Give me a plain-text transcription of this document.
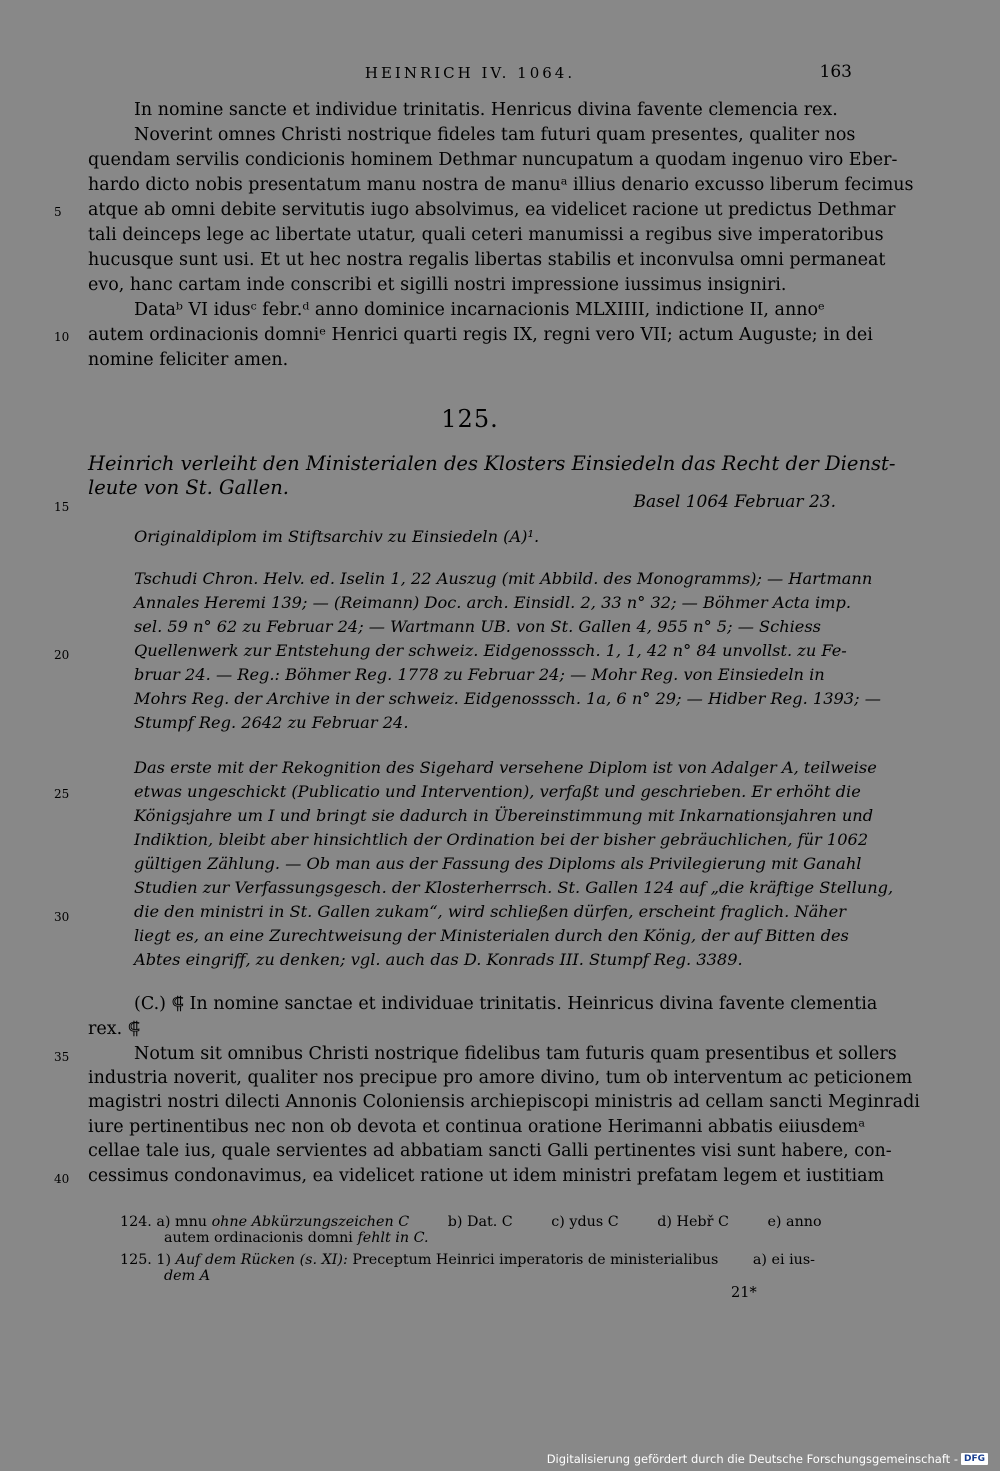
HEINRICH IV. 1064.	163
In nomine sancte et individue trinitatis. Henricus divina favente clemencia rex.
Noverint omnes Christi nostrique fideles tam futuri quam presentes, qualiter nos
quendam servilis condicionis hominem Dethmar nuncupatum a quodam ingenuo viro Eber-
hardo dicto nobis presentatum manu nostra de manuᵃ illius denario excusso liberum fecimus
atque ab omni debite servitutis iugo absolvimus, ea videlicet racione ut predictus Dethmar
tali deinceps lege ac libertate utatur, quali ceteri manumissi a regibus sive imperatoribus
hucusque sunt usi. Et ut hec nostra regalis libertas stabilis et inconvulsa omni permaneat
evo, hanc cartam inde conscribi et sigilli nostri impressione iussimus insigniri.
Dataᵇ VI idusᶜ febr.ᵈ anno dominice incarnacionis MLXIIII, indictione II, annoᵉ
autem ordinacionis domniᵉ Henrici quarti regis IX, regni vero VII; actum Auguste; in dei
nomine feliciter amen.
5
10
15
20
25
30
35
40
125.
Heinrich verleiht den Ministerialen des Klosters Einsiedeln das Recht der Dienst-
leute von St. Gallen.
Basel 1064 Februar 23.
Originaldiplom im Stiftsarchiv zu Einsiedeln (A)¹.
Tschudi Chron. Helv. ed. Iselin 1, 22 Auszug (mit Abbild. des Monogramms); — Hartmann
Annales Heremi 139; — (Reimann) Doc. arch. Einsidl. 2, 33 n° 32; — Böhmer Acta imp.
sel. 59 n° 62 zu Februar 24; — Wartmann UB. von St. Gallen 4, 955 n° 5; — Schiess
Quellenwerk zur Entstehung der schweiz. Eidgenosssch. 1, 1, 42 n° 84 unvollst. zu Fe-
bruar 24. — Reg.: Böhmer Reg. 1778 zu Februar 24; — Mohr Reg. von Einsiedeln in
Mohrs Reg. der Archive in der schweiz. Eidgenosssch. 1a, 6 n° 29; — Hidber Reg. 1393; —
Stumpf Reg. 2642 zu Februar 24.
Das erste mit der Rekognition des Sigehard versehene Diplom ist von Adalger A, teilweise
etwas ungeschickt (Publicatio und Intervention), verfaßt und geschrieben. Er erhöht die
Königsjahre um I und bringt sie dadurch in Übereinstimmung mit Inkarnationsjahren und
Indiktion, bleibt aber hinsichtlich der Ordination bei der bisher gebräuchlichen, für 1062
gültigen Zählung. — Ob man aus der Fassung des Diploms als Privilegierung mit Ganahl
Studien zur Verfassungsgesch. der Klosterherrsch. St. Gallen 124 auf „die kräftige Stellung,
die den ministri in St. Gallen zukam“, wird schließen dürfen, erscheint fraglich. Näher
liegt es, an eine Zurechtweisung der Ministerialen durch den König, der auf Bitten des
Abtes eingriff, zu denken; vgl. auch das D. Konrads III. Stumpf Reg. 3389.
(C.) ⸿ In nomine sanctae et individuae trinitatis. Heinricus divina favente clementia
rex. ⸿
Notum sit omnibus Christi nostrique fidelibus tam futuris quam presentibus et sollers
industria noverit, qualiter nos precipue pro amore divino, tum ob interventum ac peticionem
magistri nostri dilecti Annonis Coloniensis archiepiscopi ministris ad cellam sancti Meginradi
iure pertinentibus nec non ob devota et continua oratione Herimanni abbatis eiiusdemᵃ
cellae tale ius, quale servientes ad abbatiam sancti Galli pertinentes visi sunt habere, con-
cessimus condonavimus, ea videlicet ratione ut idem ministri prefatam legem et iustitiam
124. a) mnu ohne Abkürzungszeichen C	b) Dat. C	c) ydus C	d) Hebř C	e) anno
autem ordinacionis domni fehlt in C.
125. 1) Auf dem Rücken (s. XI): Preceptum Heinrici imperatoris de ministerialibus a) ei ius-
dem A
21*
Digitalisierung gefördert durch die Deutsche Forschungsgemeinschaft - DFG
